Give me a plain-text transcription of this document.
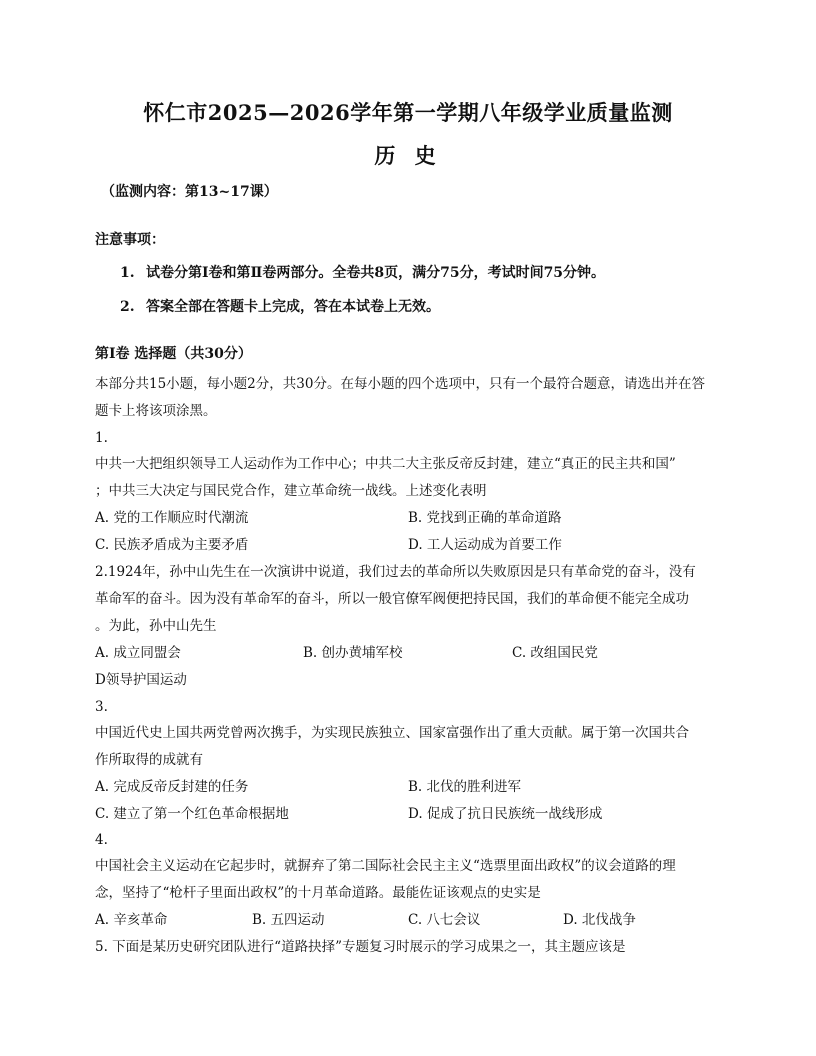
怀仁市2025—2026学年第一学期八年级学业质量监测
历 史
（监测内容：第13~17课）
注意事项：
1. 试卷分第Ⅰ卷和第Ⅱ卷两部分。全卷共8页，满分75分，考试时间75分钟。
2. 答案全部在答题卡上完成，答在本试卷上无效。
第Ⅰ卷 选择题（共30分）
本部分共15小题，每小题2分，共30分。在每小题的四个选项中，只有一个最符合题意，请选出并在答
题卡上将该项涂黑。
1.
中共一大把组织领导工人运动作为工作中心；中共二大主张反帝反封建，建立“真正的民主共和国”
；中共三大决定与国民党合作，建立革命统一战线。上述变化表明
A. 党的工作顺应时代潮流	B. 党找到正确的革命道路
C. 民族矛盾成为主要矛盾	D. 工人运动成为首要工作
2.1924年，孙中山先生在一次演讲中说道，我们过去的革命所以失败原因是只有革命党的奋斗，没有
革命军的奋斗。因为没有革命军的奋斗，所以一般官僚军阀便把持民国，我们的革命便不能完全成功
。为此，孙中山先生
A. 成立同盟会	B. 创办黄埔军校	C. 改组国民党
D领导护国运动
3.
中国近代史上国共两党曾两次携手，为实现民族独立、国家富强作出了重大贡献。属于第一次国共合
作所取得的成就有
A. 完成反帝反封建的任务	B. 北伐的胜利进军
C. 建立了第一个红色革命根据地	D. 促成了抗日民族统一战线形成
4.
中国社会主义运动在它起步时，就摒弃了第二国际社会民主主义“选票里面出政权”的议会道路的理
念，坚持了“枪杆子里面出政权”的十月革命道路。最能佐证该观点的史实是
A. 辛亥革命	B. 五四运动	C. 八七会议	D. 北伐战争
5. 下面是某历史研究团队进行“道路抉择”专题复习时展示的学习成果之一，其主题应该是
